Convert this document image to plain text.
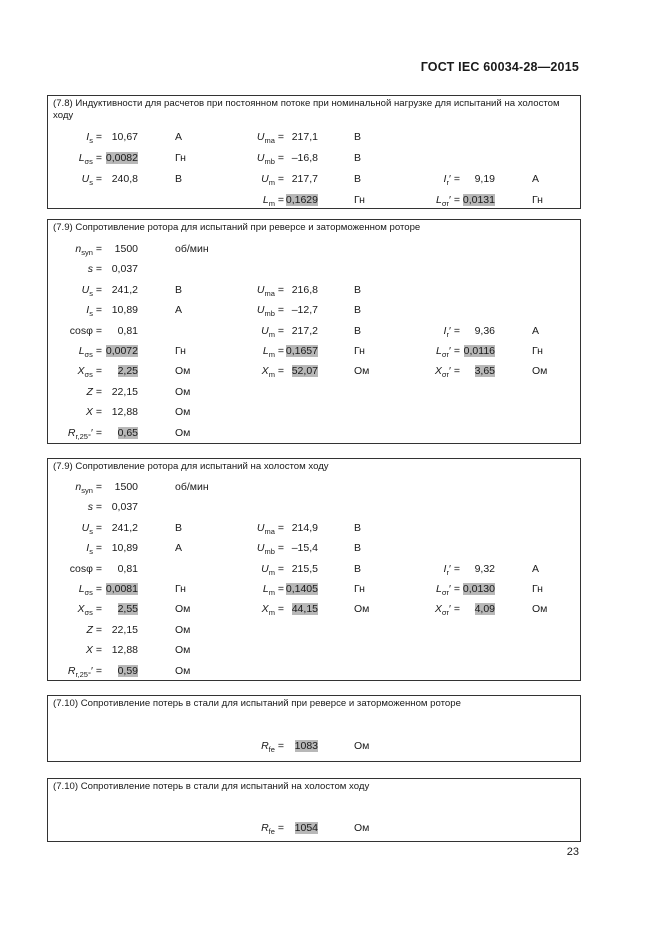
ГОСТ IEC 60034-28—2015
(7.8) Индуктивности для расчетов при постоянном потоке при номинальной нагрузке для испытаний на холостом ходу
$I_s = 10,67$	A	$U_{ma} = 217,1$	В
$L_{\sigma s} = 0,0082$	Гн	$U_{mb} = -16,8$	В
$U_s = 240,8$	В	$U_m = 217,7$	В	$I_r'$ =	9,19	A
$L_m = 0,1629$	Гн	$L_{\sigma r}' = 0,0131$	Гн
(7.9) Сопротивление ротора для испытаний при реверсе и заторможенном роторе
$n_{syn}$ =	1500	об/мин
s = 0,037
$U_s = 241,2$	В	$U_{ma} = 216,8$	В
$I_s = 10,89$	A	$U_{mb} = -12,7$	В
cosφ =	0,81	$U_m = 217,2$	В	$I_r'$ =	9,36	A
$L_{\sigma s} = 0,0072$	Гн	$L_m = 0,1657$	Гн	$L_{\sigma r}' = 0,0116$	Гн
$X_{\sigma s}$ =	2,25	Ом	$X_m = 52,07$	Ом	$X_{\sigma r}'$ =	3,65	Ом
Z = 22,15	Ом
X = 12,88	Ом
$R_{r,25^\circ}'$ =	0,65	Ом
(7.9) Сопротивление ротора для испытаний на холостом ходу
$n_{syn}$ =	1500	об/мин
s = 0,037
$U_s = 241,2$	В	$U_{ma} = 214,9$	В
$I_s = 10,89$	A	$U_{mb} = -15,4$	В
cosφ =	0,81	$U_m = 215,5$	В	$I_r'$ =	9,32	A
$L_{\sigma s} = 0,0081$	Гн	$L_m = 0,1405$	Гн	$L_{\sigma r}' = 0,0130$	Гн
$X_{\sigma s}$ =	2,55	Ом	$X_m = 44,15$	Ом	$X_{\sigma r}'$ =	4,09	Ом
Z = 22,15	Ом
X = 12,88	Ом
$R_{r,25^\circ}'$ =	0,59	Ом
(7.10) Сопротивление потерь в стали для испытаний при реверсе и заторможенном роторе
$R_{fe}$ =	1083	Ом
(7.10) Сопротивление потерь в стали для испытаний на холостом ходу
$R_{fe}$ =	1054	Ом
23
